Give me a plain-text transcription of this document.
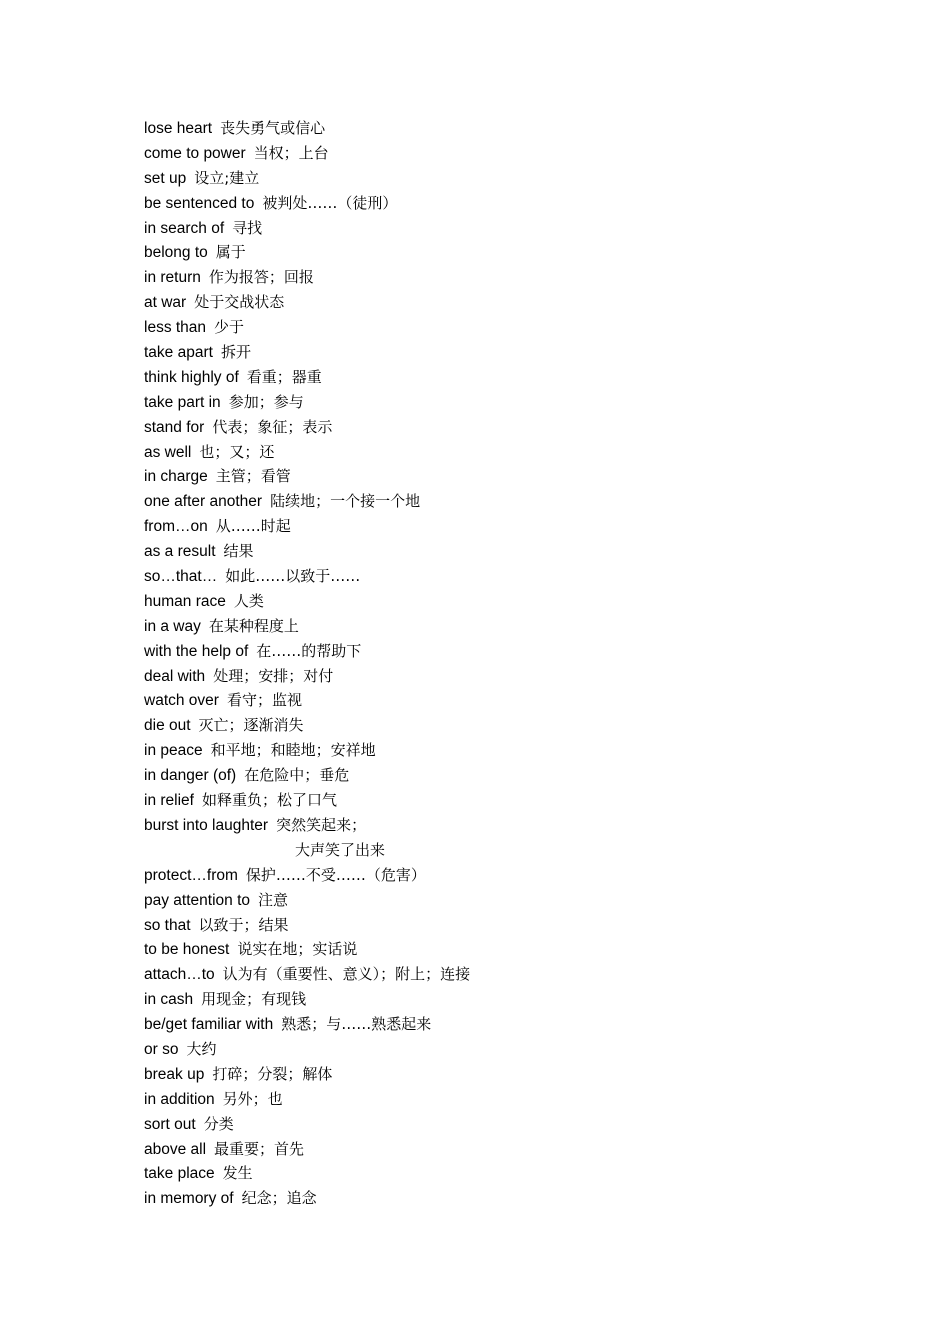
lose heart 丧失勇气或信心
come to power 当权；上台
set up 设立;建立
be sentenced to 被判处……（徒刑）
in search of 寻找
belong to 属于
in return 作为报答；回报
at war 处于交战状态
less than 少于
take apart 拆开
think highly of 看重；器重
take part in 参加；参与
stand for 代表；象征；表示
as well 也；又；还
in charge 主管；看管
one after another 陆续地；一个接一个地
from…on 从……时起
as a result 结果
so…that… 如此……以致于……
human race 人类
in a way 在某种程度上
with the help of 在……的帮助下
deal with 处理；安排；对付
watch over 看守；监视
die out 灭亡；逐渐消失
in peace 和平地；和睦地；安祥地
in danger (of) 在危险中；垂危
in relief 如释重负；松了口气
burst into laughter 突然笑起来；
大声笑了出来
protect…from 保护……不受……（危害）
pay attention to 注意
so that 以致于；结果
to be honest 说实在地；实话说
attach…to 认为有（重要性、意义）；附上；连接
in cash 用现金；有现钱
be/get familiar with 熟悉；与……熟悉起来
or so 大约
break up 打碎；分裂；解体
in addition 另外；也
sort out 分类
above all 最重要；首先
take place 发生
in memory of 纪念；追念
